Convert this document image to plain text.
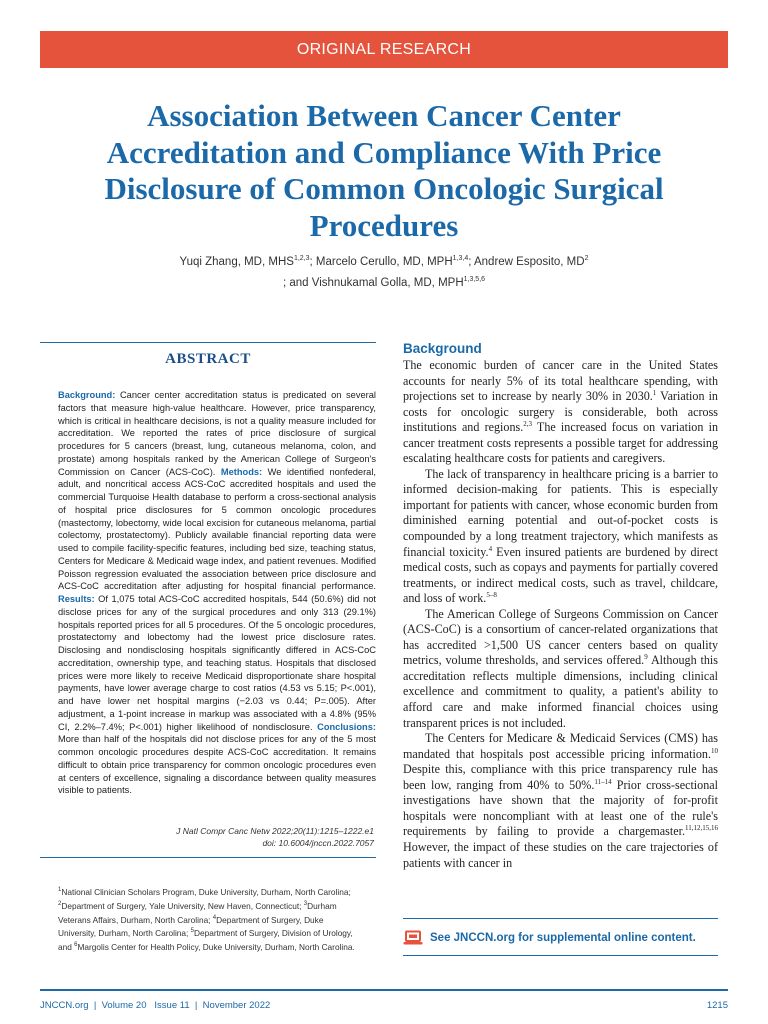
ORIGINAL RESEARCH
Association Between Cancer Center Accreditation and Compliance With Price Disclosure of Common Oncologic Surgical Procedures
Yuqi Zhang, MD, MHS$^{1,2,3}$; Marcelo Cerullo, MD, MPH$^{1,3,4}$; Andrew Esposito, $MD^2$
; and Vishnukamal Golla, MD, MPH$^{1,3,5,6}$
ABSTRACT
Background: Cancer center accreditation status is predicated on several factors that measure high-value healthcare. However, price transparency, which is critical in healthcare decisions, is not a quality measure included for accreditation. We reported the rates of price disclosure of surgical procedures for 5 cancers (breast, lung, cutaneous melanoma, colon, and prostate) among hospitals ranked by the American College of Surgeon's Commission on Cancer (ACS-CoC). Methods: We identified nonfederal, adult, and noncritical access ACS-CoC accredited hospitals and used the commercial Turquoise Health database to perform a cross-sectional analysis of hospital price disclosures for 5 common oncologic procedures (mastectomy, lobectomy, wide local excision for cutaneous melanoma, partial colectomy, prostatectomy). Publicly available financial reporting data were used to compile facility-specific features, including bed size, teaching status, Centers for Medicare & Medicaid wage index, and patient revenues. Modified Poisson regression evaluated the association between price disclosure and ACS-CoC accreditation after adjusting for hospital financial performance. Results: Of 1,075 total ACS-CoC accredited hospitals, 544 (50.6%) did not disclose prices for any of the surgical procedures and only 313 (29.1%) hospitals reported prices for all 5 procedures. Of the 5 oncologic procedures, prostatectomy and lobectomy had the lowest price disclosure rates. Disclosing and nondisclosing hospitals significantly differed in ACS-CoC accreditation, ownership type, and teaching status. Hospitals that disclosed prices were more likely to receive Medicaid disproportionate share hospital payments, have lower average charge to cost ratios (4.53 vs 5.15; P<.001), and have lower net hospital margins (−2.03 vs 0.44; P=.005). After adjustment, a 1-point increase in markup was associated with a 4.8% (95% CI, 2.2%–7.4%; P<.001) higher likelihood of nondisclosure. Conclusions: More than half of the hospitals did not disclose prices for any of the 5 most common oncologic procedures despite ACS-CoC accreditation. It remains difficult to obtain price transparency for common oncologic procedures even at centers of excellence, signaling a discordance between quality measures visible to patients.
J Natl Compr Canc Netw 2022;20(11):1215–1222.e1
doi: 10.6004/jnccn.2022.7057
$^1$National Clinician Scholars Program, Duke University, Durham, North Carolina; $^2$Department of Surgery, Yale University, New Haven, Connecticut; $^3$Durham Veterans Affairs, Durham, North Carolina; $^4$Department of Surgery, Duke University, Durham, North Carolina; $^5$Department of Surgery, Division of Urology, and $^6$Margolis Center for Health Policy, Duke University, Durham, North Carolina.
Background

The economic burden of cancer care in the United States accounts for nearly 5% of its total healthcare spending, with projections set to increase by nearly 30% in 2030.$^1$ Variation in costs for oncologic surgery is considerable, both across institutions and regions.$^{2,3}$ The increased focus on variation in cancer treatment costs represents a possible target for addressing escalating healthcare costs for patients and caregivers.

The lack of transparency in healthcare pricing is a barrier to informed decision-making for patients. This is especially important for patients with cancer, whose economic burden from diminished earning potential and out-of-pocket costs is compounded by a long treatment trajectory, which manifests as financial toxicity.$^4$ Even insured patients are burdened by direct medical costs, such as copays and payments for partially covered treatments, or indirect medical costs, such as travel, childcare, and loss of work.$^{5-8}$

The American College of Surgeons Commission on Cancer (ACS-CoC) is a consortium of cancer-related organizations that has accredited >1,500 US cancer centers based on quality metrics, volume thresholds, and services offered.$^9$ Although this accreditation reflects multiple dimensions, including clinical excellence and commitment to quality, a patient's ability to afford care and make informed financial choices using transparent prices is not included.

The Centers for Medicare & Medicaid Services (CMS) has mandated that hospitals post accessible pricing information.$^{10}$ Despite this, compliance with this price transparency rule has been low, ranging from 40% to 50%.$^{11-14}$ Prior cross-sectional investigations have shown that the majority of for-profit hospitals were noncompliant with at least one of the rule's requirements by failing to provide a chargemaster.$^{11,12,15,16}$ However, the impact of these studies on the care trajectories of patients with cancer in

See JNCCN.org for supplemental online content.
JNCCN.org | Volume 20 Issue 11 | November 2022	1215
